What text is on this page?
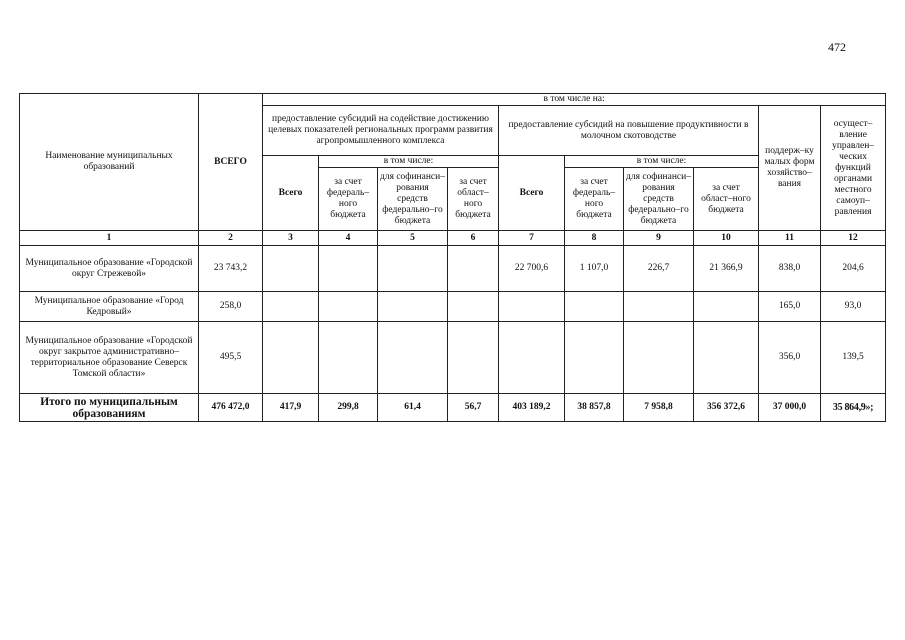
472
Наименование муниципальных образований	ВСЕГО	в том числе на:									
		предоставление субсидий на содействие достижению целевых показателей региональных программ развития агропромышленного комплекса				предоставление субсидий на повышение продуктивности в молочном скотоводстве				поддерж–ку малых форм хозяйство–вания	осущест–вление управлен–ческих функций органами местного самоуп–равления
		Всего	в том числе:			Всего	в том числе:				
			за счет федераль–ного бюджета	для софинанси–рования средств федерально–го бюджета	за счет област–ного бюджета		за счет федераль–ного бюджета	для софинанси–рования средств федерально–го бюджета	за счет област–ного бюджета		
1	2	3	4	5	6	7	8	9	10	11	12
Муниципальное образование «Городской округ Стрежевой»	23 743,2					22 700,6	1 107,0	226,7	21 366,9	838,0	204,6
Муниципальное образование «Город Кедровый»	258,0									165,0	93,0
Муниципальное образование «Городской округ закрытое административно–территориальное образование Северск Томской области»	495,5									356,0	139,5
Итого по муниципальным образованиям	476 472,0	417,9	299,8	61,4	56,7	403 189,2	38 857,8	7 958,8	356 372,6	37 000,0	35 864,9»;
